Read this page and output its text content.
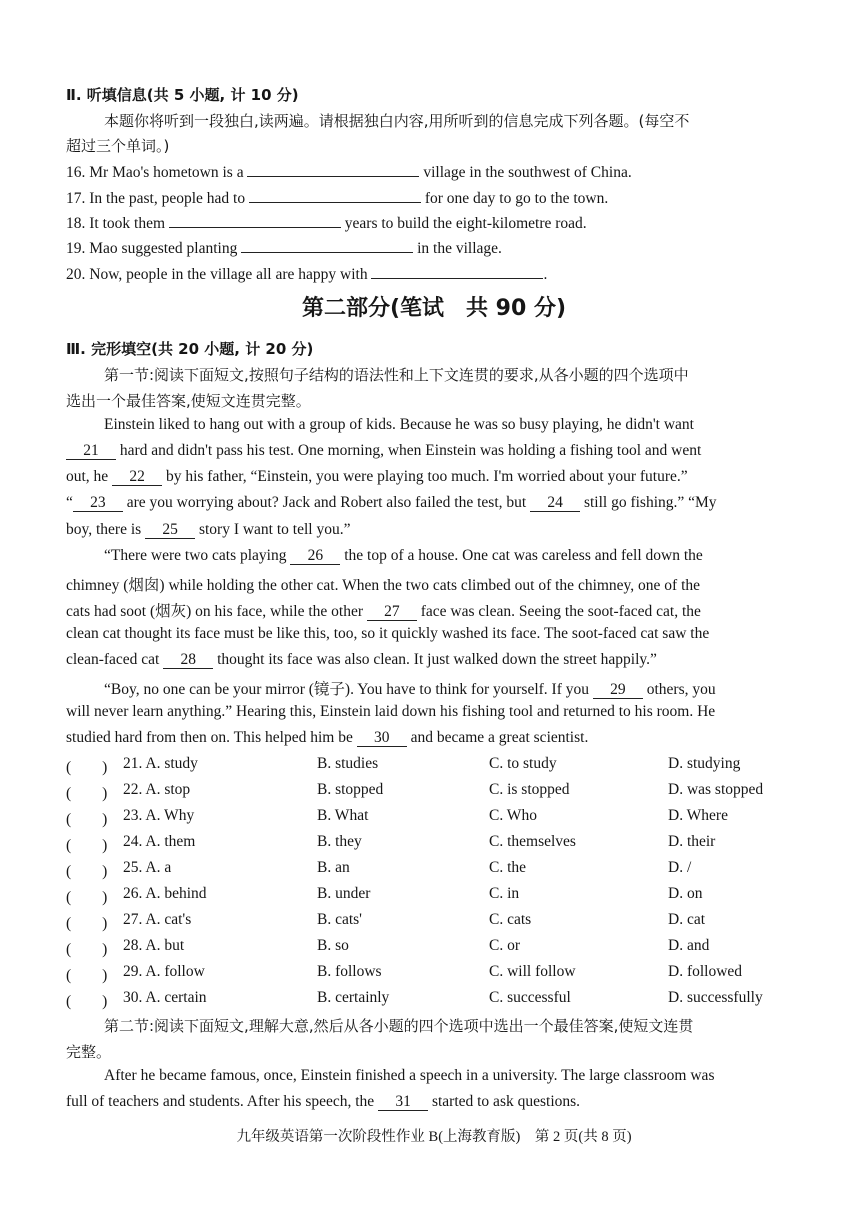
Ⅱ. 听填信息(共 5 小题, 计 10 分)
本题你将听到一段独白,读两遍。请根据独白内容,用所听到的信息完成下列各题。(每空不
超过三个单词。)
16. Mr Mao's hometown is a	village in the southwest of China.
17. In the past, people had to	for one day to go to the town.
18. It took them	years to build the eight-kilometre road.
19. Mao suggested planting	in the village.
20. Now, people in the village all are happy with	.
第二部分(笔试　共 90 分)
Ⅲ. 完形填空(共 20 小题, 计 20 分)
第一节:阅读下面短文,按照句子结构的语法性和上下文连贯的要求,从各小题的四个选项中
选出一个最佳答案,使短文连贯完整。
Einstein liked to hang out with a group of kids. Because he was so busy playing, he didn't want
21 hard and didn't pass his test. One morning, when Einstein was holding a fishing tool and went
out, he 22 by his father, “Einstein, you were playing too much. I'm worried about your future.”
“ 23 are you worrying about? Jack and Robert also failed the test, but 24 still go fishing.” “My
boy, there is 25 story I want to tell you.”
“There were two cats playing 26 the top of a house. One cat was careless and fell down the
chimney (烟囱) while holding the other cat. When the two cats climbed out of the chimney, one of the
cats had soot (烟灰) on his face, while the other 27 face was clean. Seeing the soot-faced cat, the
clean cat thought its face must be like this, too, so it quickly washed its face. The soot-faced cat saw the
clean-faced cat 28 thought its face was also clean. It just walked down the street happily.”
“Boy, no one can be your mirror (镜子). You have to think for yourself. If you 29 others, you
will never learn anything.” Hearing this, Einstein laid down his fishing tool and returned to his room. He
studied hard from then on. This helped him be 30 and became a great scientist.
(　　) 21. A. study	B. studies	C. to study	D. studying
(　　) 22. A. stop	B. stopped	C. is stopped	D. was stopped
(　　) 23. A. Why	B. What	C. Who	D. Where
(　　) 24. A. them	B. they	C. themselves	D. their
(　　) 25. A. a	B. an	C. the	D. /
(　　) 26. A. behind	B. under	C. in	D. on
(　　) 27. A. cat's	B. cats'	C. cats	D. cat
(　　) 28. A. but	B. so	C. or	D. and
(　　) 29. A. follow	B. follows	C. will follow	D. followed
(　　) 30. A. certain	B. certainly	C. successful	D. successfully
第二节:阅读下面短文,理解大意,然后从各小题的四个选项中选出一个最佳答案,使短文连贯
完整。
After he became famous, once, Einstein finished a speech in a university. The large classroom was
full of teachers and students. After his speech, the 31 started to ask questions.
九年级英语第一次阶段性作业 B(上海教育版)　第 2 页(共 8 页)
